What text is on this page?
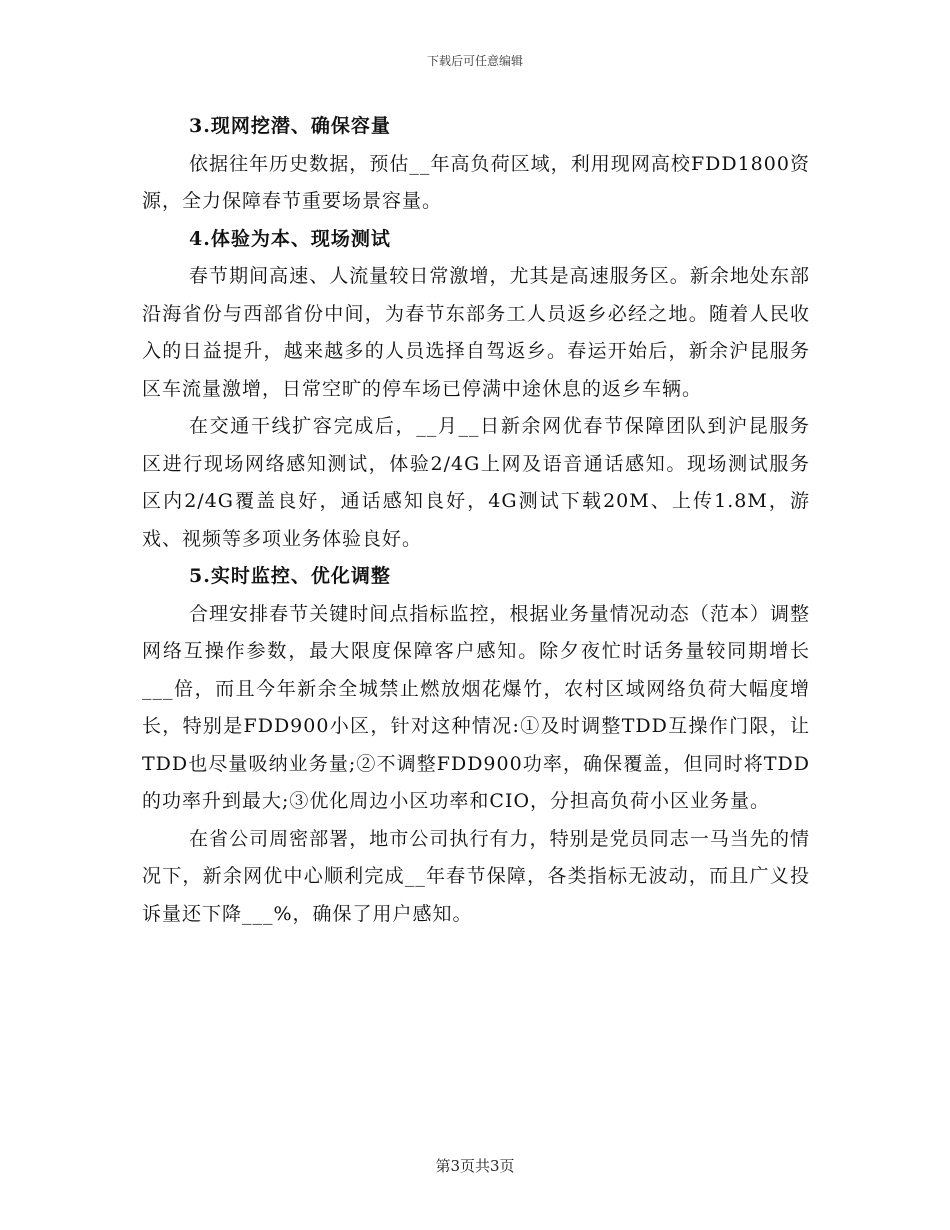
下载后可任意编辑
3.现网挖潜、确保容量

依据往年历史数据，预估__年高负荷区域，利用现网高校FDD1800资源，全力保障春节重要场景容量。

4.体验为本、现场测试

春节期间高速、人流量较日常激增，尤其是高速服务区。新余地处东部沿海省份与西部省份中间，为春节东部务工人员返乡必经之地。随着人民收入的日益提升，越来越多的人员选择自驾返乡。春运开始后，新余沪昆服务区车流量激增，日常空旷的停车场已停满中途休息的返乡车辆。

在交通干线扩容完成后，__月__日新余网优春节保障团队到沪昆服务区进行现场网络感知测试，体验2/4G上网及语音通话感知。现场测试服务区内2/4G覆盖良好，通话感知良好，4G测试下载20M、上传1.8M，游戏、视频等多项业务体验良好。

5.实时监控、优化调整

合理安排春节关键时间点指标监控，根据业务量情况动态（范本）调整网络互操作参数，最大限度保障客户感知。除夕夜忙时话务量较同期增长___倍，而且今年新余全城禁止燃放烟花爆竹，农村区域网络负荷大幅度增长，特别是FDD900小区，针对这种情况:①及时调整TDD互操作门限，让TDD也尽量吸纳业务量;②不调整FDD900功率，确保覆盖，但同时将TDD的功率升到最大;③优化周边小区功率和CIO，分担高负荷小区业务量。

在省公司周密部署，地市公司执行有力，特别是党员同志一马当先的情况下，新余网优中心顺利完成__年春节保障，各类指标无波动，而且广义投诉量还下降___%，确保了用户感知。

第3页共3页
